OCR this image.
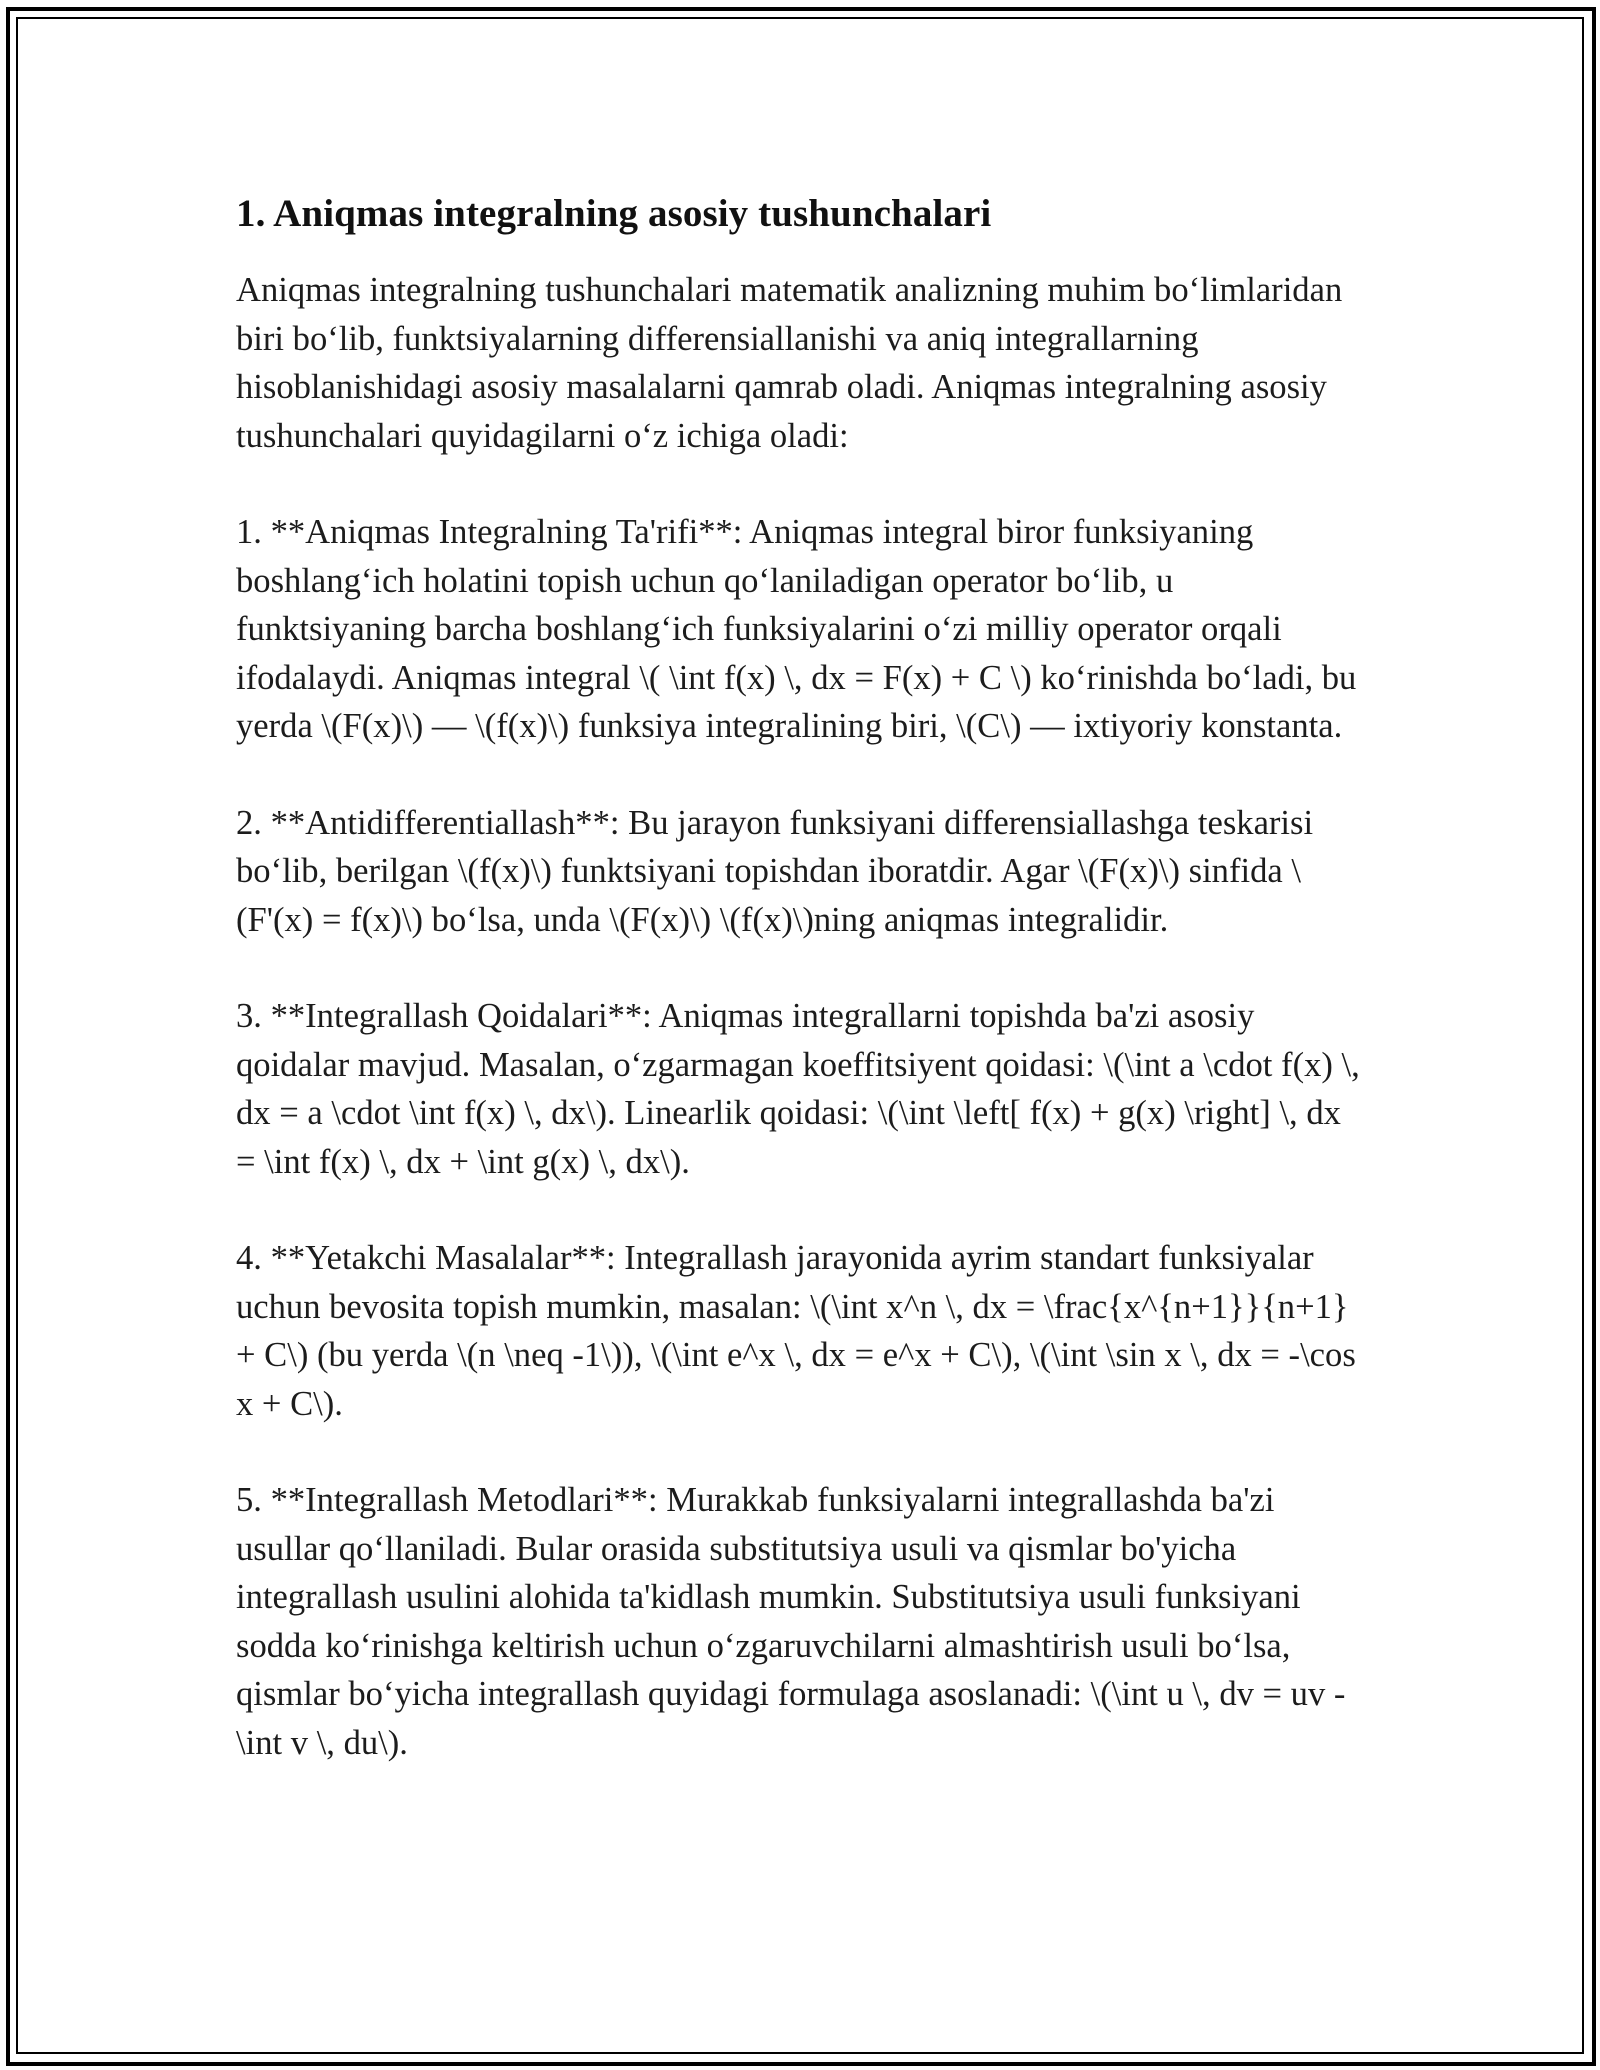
1. Aniqmas integralning asosiy tushunchalari

Aniqmas integralning tushunchalari matematik analizning muhim bo‘limlaridan biri bo‘lib, funktsiyalarning differensiallanishi va aniq integrallarning hisoblanishidagi asosiy masalalarni qamrab oladi. Aniqmas integralning asosiy tushunchalari quyidagilarni o‘z ichiga oladi:

1. **Aniqmas Integralning Ta'rifi**: Aniqmas integral biror funksiyaning boshlang‘ich holatini topish uchun qo‘laniladigan operator bo‘lib, u funktsiyaning barcha boshlang‘ich funksiyalarini o‘zi milliy operator orqali ifodalaydi. Aniqmas integral \( \int f(x) \, dx = F(x) + C \) ko‘rinishda bo‘ladi, bu yerda \(F(x)\) — \(f(x)\) funksiya integralining biri, \(C\) — ixtiyoriy konstanta.

2. **Antidifferentiallash**: Bu jarayon funksiyani differensiallashga teskarisi bo‘lib, berilgan \(f(x)\) funktsiyani topishdan iboratdir. Agar \(F(x)\) sinfida \(F'(x) = f(x)\) bo‘lsa, unda \(F(x)\) \(f(x)\)ning aniqmas integralidir.

3. **Integrallash Qoidalari**: Aniqmas integrallarni topishda ba'zi asosiy qoidalar mavjud. Masalan, o‘zgarmagan koeffitsiyent qoidasi: \(\int a \cdot f(x) \, dx = a \cdot \int f(x) \, dx\). Linearlik qoidasi: \(\int \left[ f(x) + g(x) \right] \, dx = \int f(x) \, dx + \int g(x) \, dx\).

4. **Yetakchi Masalalar**: Integrallash jarayonida ayrim standart funksiyalar uchun bevosita topish mumkin, masalan: \(\int x^n \, dx = \frac{x^{n+1}}{n+1} + C\) (bu yerda \(n \neq -1\)), \(\int e^x \, dx = e^x + C\), \(\int \sin x \, dx = -\cos x + C\).

5. **Integrallash Metodlari**: Murakkab funksiyalarni integrallashda ba'zi usullar qo‘llaniladi. Bular orasida substitutsiya usuli va qismlar bo'yicha integrallash usulini alohida ta'kidlash mumkin. Substitutsiya usuli funksiyani sodda ko‘rinishga keltirish uchun o‘zgaruvchilarni almashtirish usuli bo‘lsa, qismlar bo‘yicha integrallash quyidagi formulaga asoslanadi: \(\int u \, dv = uv - \int v \, du\).
